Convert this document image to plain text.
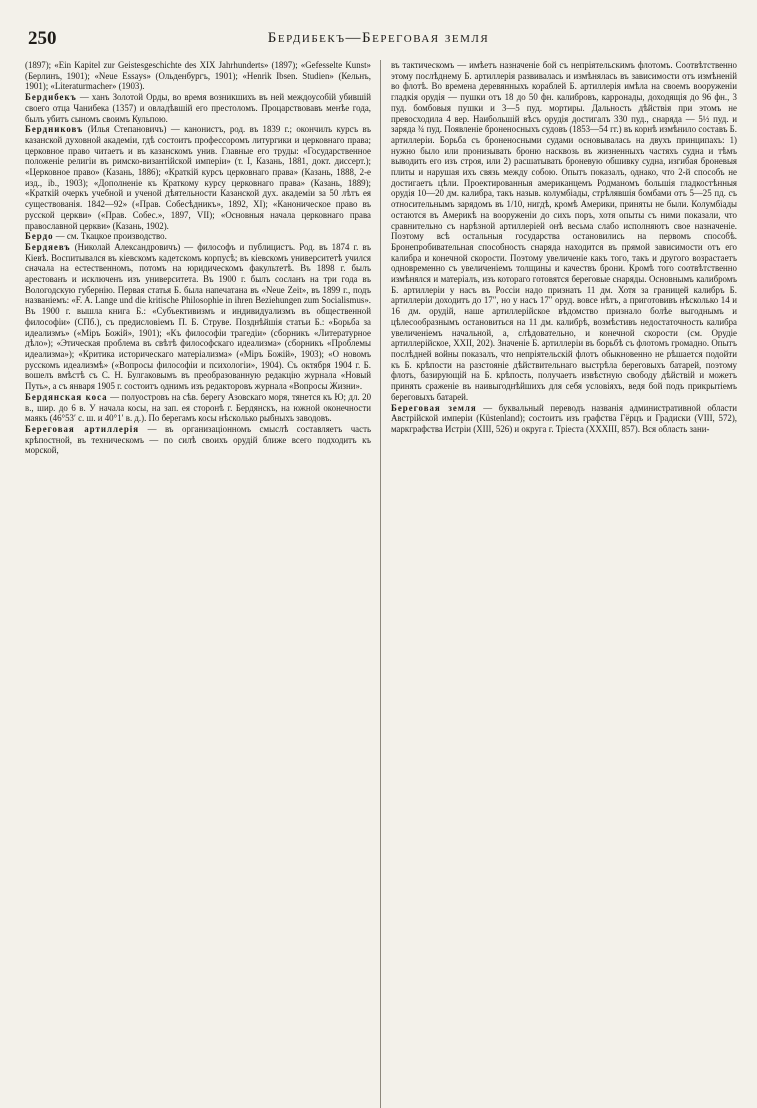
250	Бердибекъ—Береговая земля

(1897); «Ein Kapitel zur Geistesgeschichte des XIX Jahrhunderts» (1897); «Gefesselte Kunst» (Берлинъ, 1901); «Neue Essays» (Ольденбургъ, 1901); «Henrik Ibsen. Studien» (Кельнъ, 1901); «Literaturmacher» (1903).

Бердибекъ — ханъ Золотой Орды, во время возникшихъ въ ней междоусобій убившій своего отца Чанибека (1357) и овладѣвшій его престоломъ. Процарствовавъ менѣе года, былъ убитъ сыномъ своимъ Кульпою.

Бердниковъ (Илья Степановичъ) — канонистъ, род. въ 1839 г.; окончилъ курсъ въ казанской духовной академіи, гдѣ состоитъ профессоромъ литургики и церковнаго права; церковное право читаетъ и въ казанскомъ унив. Главные его труды: «Государственное положеніе религіи въ римско-византійской имперіи» (т. I, Казань, 1881, докт. диссерт.); «Церковное право» (Казань, 1886); «Краткій курсъ церковнаго права» (Казань, 1888, 2-е изд., ib., 1903); «Дополненіе къ Краткому курсу церковнаго права» (Казань, 1889); «Краткій очеркъ учебной и ученой дѣятельности Казанской дух. академіи за 50 лѣтъ ея существованія. 1842—92» («Прав. Собесѣдникъ», 1892, XI); «Каноническое право въ русской церкви» («Прав. Собес.», 1897, VII); «Основныя начала церковнаго права православной церкви» (Казань, 1902).

Бердо — см. Ткацкое производство.

Бердяевъ (Николай Александровичъ) — философъ и публицистъ. Род. въ 1874 г. въ Кіевѣ. Воспитывался въ кіевскомъ кадетскомъ корпусѣ; въ кіевскомъ университетѣ учился сначала на естественномъ, потомъ на юридическомъ факультетѣ. Въ 1898 г. былъ арестованъ и исключенъ изъ университета. Въ 1900 г. былъ сосланъ на три года въ Вологодскую губернію. Первая статья Б. была напечатана въ «Neue Zeit», въ 1899 г., подъ названіемъ: «F. A. Lange und die kritische Philosophie in ihren Beziehungen zum Socialismus». Въ 1900 г. вышла книга Б.: «Субъективизмъ и индивидуализмъ въ общественной философіи» (СПб.), съ предисловіемъ П. Б. Струве. Позднѣйшія статьи Б.: «Борьба за идеализмъ» («Міръ Божій», 1901); «Къ философіи трагедіи» (сборникъ «Литературное дѣло»); «Этическая проблема въ свѣтѣ философскаго идеализма» (сборникъ «Проблемы идеализма»); «Критика историческаго матеріализма» («Міръ Божій», 1903); «О новомъ русскомъ идеализмѣ» («Вопросы философіи и психологіи», 1904). Съ октября 1904 г. Б. вошелъ вмѣстѣ съ С. Н. Булгаковымъ въ преобразованную редакцію журнала «Новый Путь», а съ января 1905 г. состоитъ однимъ изъ редакторовъ журнала «Вопросы Жизни».

Бердянская коса — полуостровъ на сѣв. берегу Азовскаго моря, тянется къ Ю; дл. 20 в., шир. до 6 в. У начала косы, на зап. ея сторонѣ г. Бердянскъ, на южной оконечности маякъ (46°53′ с. ш. и 40°1′ в. д.). По берегамъ косы нѣсколько рыбныхъ заводовъ.

Береговая артиллерія — въ организаціонномъ смыслѣ составляетъ часть крѣпостной, въ техническомъ — по силѣ своихъ орудій ближе всего подходитъ къ морской,

въ тактическомъ — имѣетъ назначеніе бой съ непріятельскимъ флотомъ. Соотвѣтственно этому послѣднему Б. артиллерія развивалась и измѣнялась въ зависимости отъ измѣненій во флотѣ. Во времена деревянныхъ кораблей Б. артиллерія имѣла на своемъ вооруженіи гладкія орудія — пушки отъ 18 до 50 фн. калибровъ, карронады, доходящія до 96 фн., 3 пуд. бомбовыя пушки и 3—5 пуд. мортиры. Дальность дѣйствія при этомъ не превосходила 4 вер. Наибольшій вѣсъ орудія достигалъ 330 пуд., снаряда — 5½ пуд. и заряда ¾ пуд. Появленіе броненосныхъ судовъ (1853—54 гг.) въ корнѣ измѣнило составъ Б. артиллеріи. Борьба съ броненосными судами основывалась на двухъ принципахъ: 1) нужно было или пронизывать броню насквозь въ жизненныхъ частяхъ судна и тѣмъ выводить его изъ строя, или 2) расшатывать броневую обшивку судна, изгибая броневыя плиты и нарушая ихъ связь между собою. Опытъ показалъ, однако, что 2-й способъ не достигаетъ цѣли. Проектированныя американцемъ Родманомъ большія гладкостѣнныя орудія 10—20 дм. калибра, такъ назыв. колумбіады, стрѣлявшія бомбами отъ 5—25 пд. съ относительнымъ зарядомъ въ 1/10, нигдѣ, кромѣ Америки, приняты не были. Колумбіады остаются въ Америкѣ на вооруженіи до сихъ поръ, хотя опыты съ ними показали, что сравнительно съ нарѣзной артиллеріей онѣ весьма слабо исполняютъ свое назначеніе. Поэтому всѣ остальныя государства остановились на первомъ способѣ. Бронепробивательная способность снаряда находится въ прямой зависимости отъ его калибра и конечной скорости. Поэтому увеличеніе какъ того, такъ и другого возрастаетъ одновременно съ увеличеніемъ толщины и качествъ брони. Кромѣ того соотвѣтственно измѣнялся и матеріалъ, изъ котораго готовятся береговые снаряды. Основнымъ калибромъ Б. артиллеріи у насъ въ Россіи надо признать 11 дм. Хотя за границей калибръ Б. артиллеріи доходитъ до 17″, но у насъ 17″ оруд. вовсе нѣтъ, а приготовивъ нѣсколько 14 и 16 дм. орудій, наше артиллерійское вѣдомство признало болѣе выгоднымъ и цѣлесообразнымъ остановиться на 11 дм. калибрѣ, возмѣстивъ недостаточность калибра увеличеніемъ начальной, а, слѣдовательно, и конечной скорости (см. Орудіе артиллерійское, XXII, 202). Значеніе Б. артиллеріи въ борьбѣ съ флотомъ громадно. Опытъ послѣдней войны показалъ, что непріятельскій флотъ обыкновенно не рѣшается подойти къ Б. крѣпости на разстояніе дѣйствительнаго выстрѣла береговыхъ батарей, поэтому флотъ, базирующій на Б. крѣпость, получаетъ извѣстную свободу дѣйствій и можетъ принять сраженіе въ наивыгоднѣйшихъ для себя условіяхъ, ведя бой подъ прикрытіемъ береговыхъ батарей.

Береговая земля — буквальный переводъ названія административной области Австрійской имперіи (Küstenland); состоитъ изъ графства Гёрцъ и Градиски (VIII, 572), маркграфства Истріи (XIII, 526) и округа г. Тріеста (XXXIII, 857). Вся область зани-
